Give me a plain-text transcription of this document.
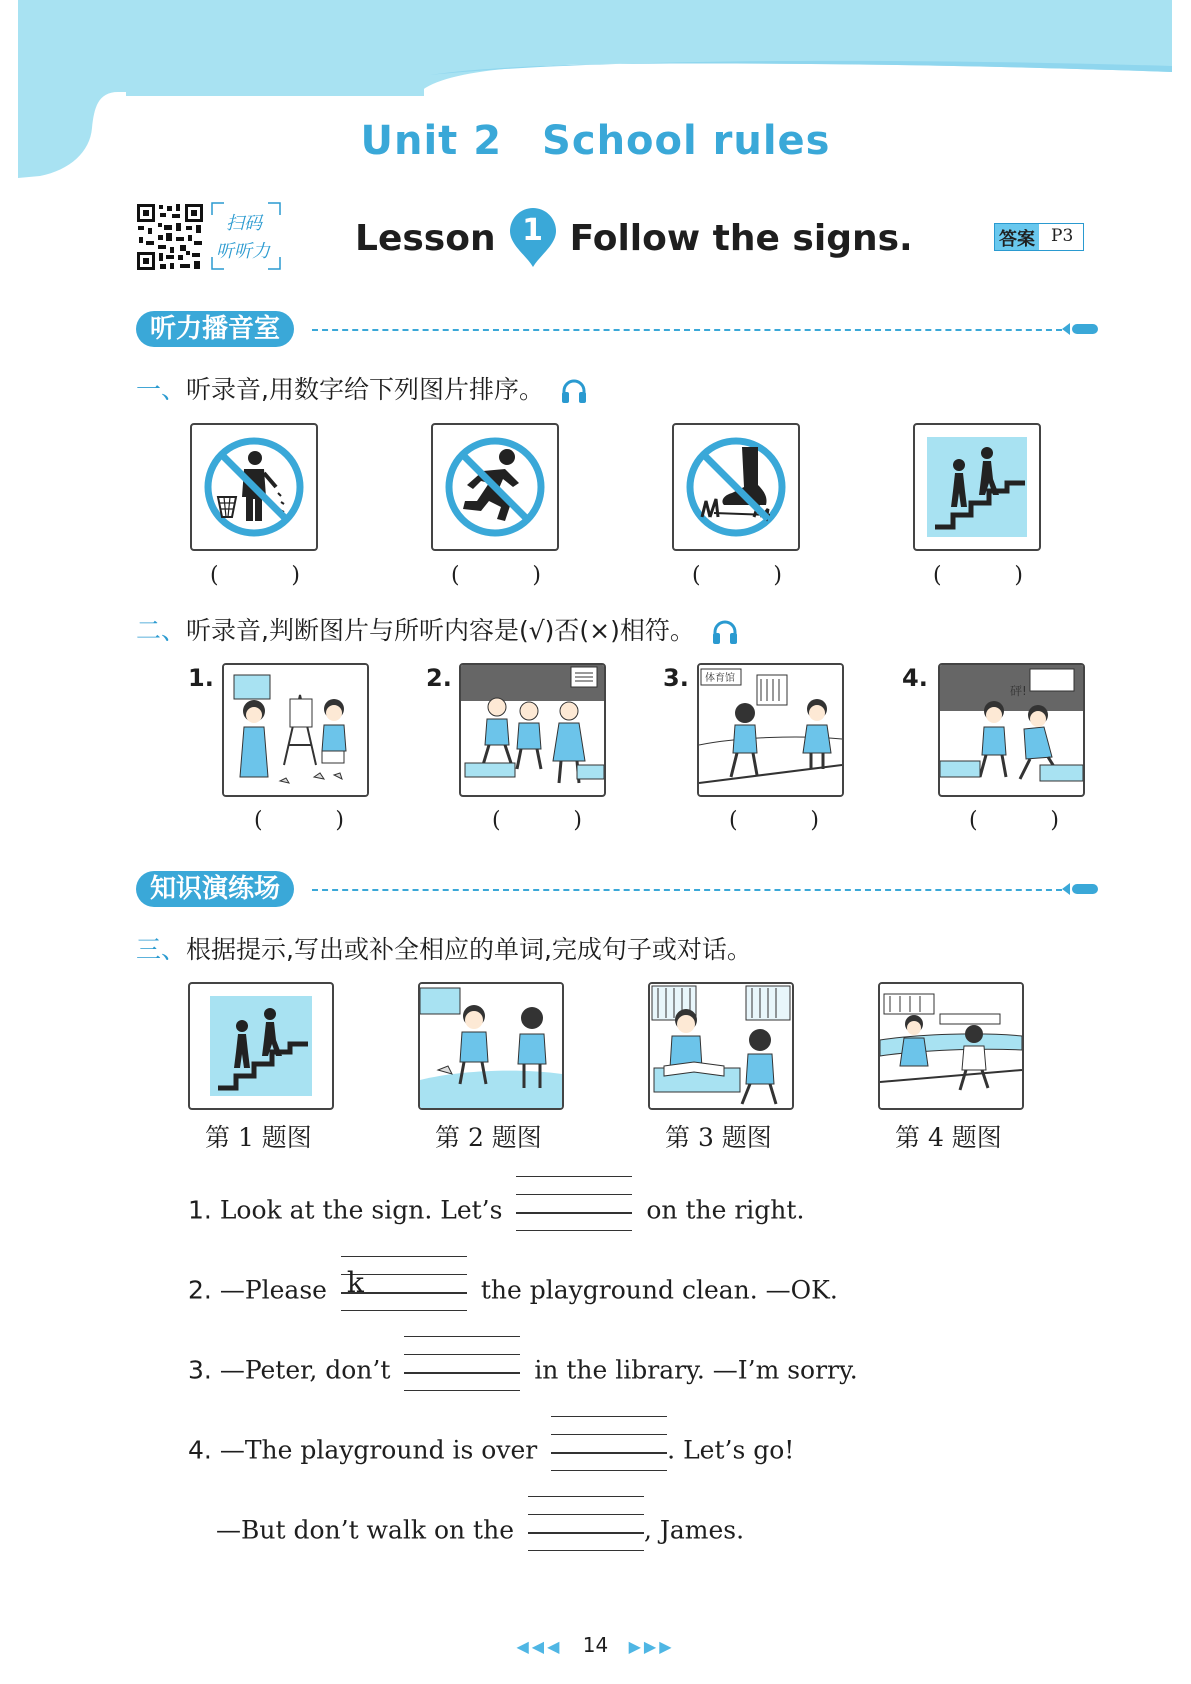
Unit 2 School rules
扫码
听听力 Lesson 1 Follow the signs.	答案 P3
听力播音室
一、听录音,用数字给下列图片排序。
(	)	(	)	(	)	(	)
二、听录音,判断图片与所听内容是(√)否(×)相符。
1.	2.	3. 体育馆	4.	砰!
(	)	(	)	(	)	(	)
知识演练场
三、根据提示,写出或补全相应的单词,完成句子或对话。
第 1 题图	第 2 题图	第 3 题图	第 4 题图
1. Look at the sign. Let’s	on the right.
2. —Please k	the playground clean. —OK.
3. —Peter, don’t	in the library. —I’m sorry.
4. —The playground is over	. Let’s go!
—But don’t walk on the	, James.
◀◀◀ 14 ▶▶▶
